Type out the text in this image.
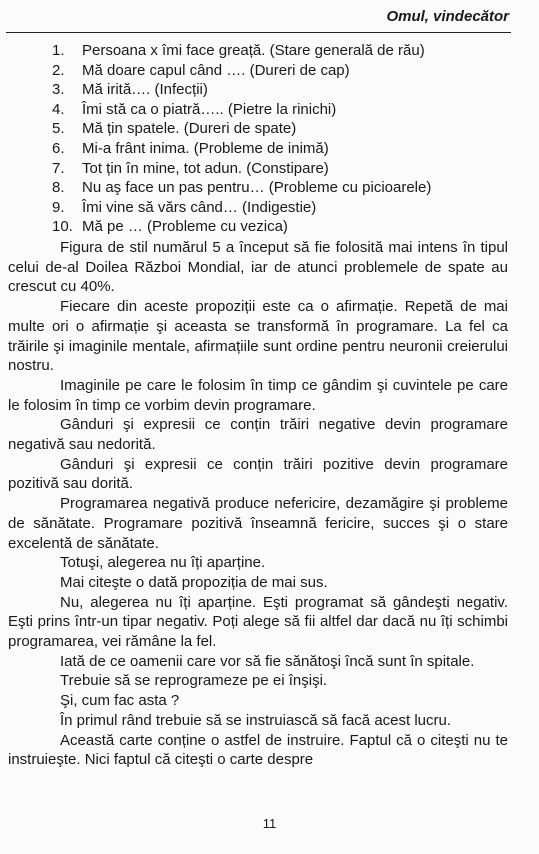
Omul, vindecător
1.	Persoana x îmi face greață. (Stare generală de rău)
2.	Mă doare capul când …. (Dureri de cap)
3.	Mă irită…. (Infecții)
4.	Îmi stă ca o piatră….. (Pietre la rinichi)
5.	Mă țin spatele. (Dureri de spate)
6.	Mi-a frânt inima. (Probleme de inimă)
7.	Tot țin în mine, tot adun. (Constipare)
8.	Nu aş face un pas pentru… (Probleme cu picioarele)
9.	Îmi vine să vărs când… (Indigestie)
10. Mă pe … (Probleme cu vezica)

Figura de stil numărul 5 a început să fie folosită mai intens în tipul celui de-al Doilea Război Mondial, iar de atunci problemele de spate au crescut cu 40%.

Fiecare din aceste propoziții este ca o afirmație. Repetă de mai multe ori o afirmație şi aceasta se transformă în programare. La fel ca trăirile şi imaginile mentale, afirmațiile sunt ordine pentru neuronii creierului nostru.

Imaginile pe care le folosim în timp ce gândim şi cuvintele pe care le folosim în timp ce vorbim devin programare.

Gânduri şi expresii ce conțin trăiri negative devin programare negativă sau nedorită.

Gânduri şi expresii ce conțin trăiri pozitive devin programare pozitivă sau dorită.

Programarea negativă produce nefericire, dezamăgire şi probleme de sănătate. Programare pozitivă înseamnă fericire, succes şi o stare excelentă de sănătate.

Totuşi, alegerea nu îți aparține.

Mai citeşte o dată propoziția de mai sus.

Nu, alegerea nu îți aparține. Eşti programat să gândeşti negativ. Eşti prins într-un tipar negativ. Poți alege să fii altfel dar dacă nu îți schimbi programarea, vei rămâne la fel.

Iată de ce oamenii care vor să fie sănătoşi încă sunt în spitale.

Trebuie să se reprogrameze pe ei înşişi.

Şi, cum fac asta ?

În primul rând trebuie să se instruiască să facă acest lucru.

Această carte conține o astfel de instruire. Faptul că o citeşti nu te instruieşte. Nici faptul că citeşti o carte despre

11
